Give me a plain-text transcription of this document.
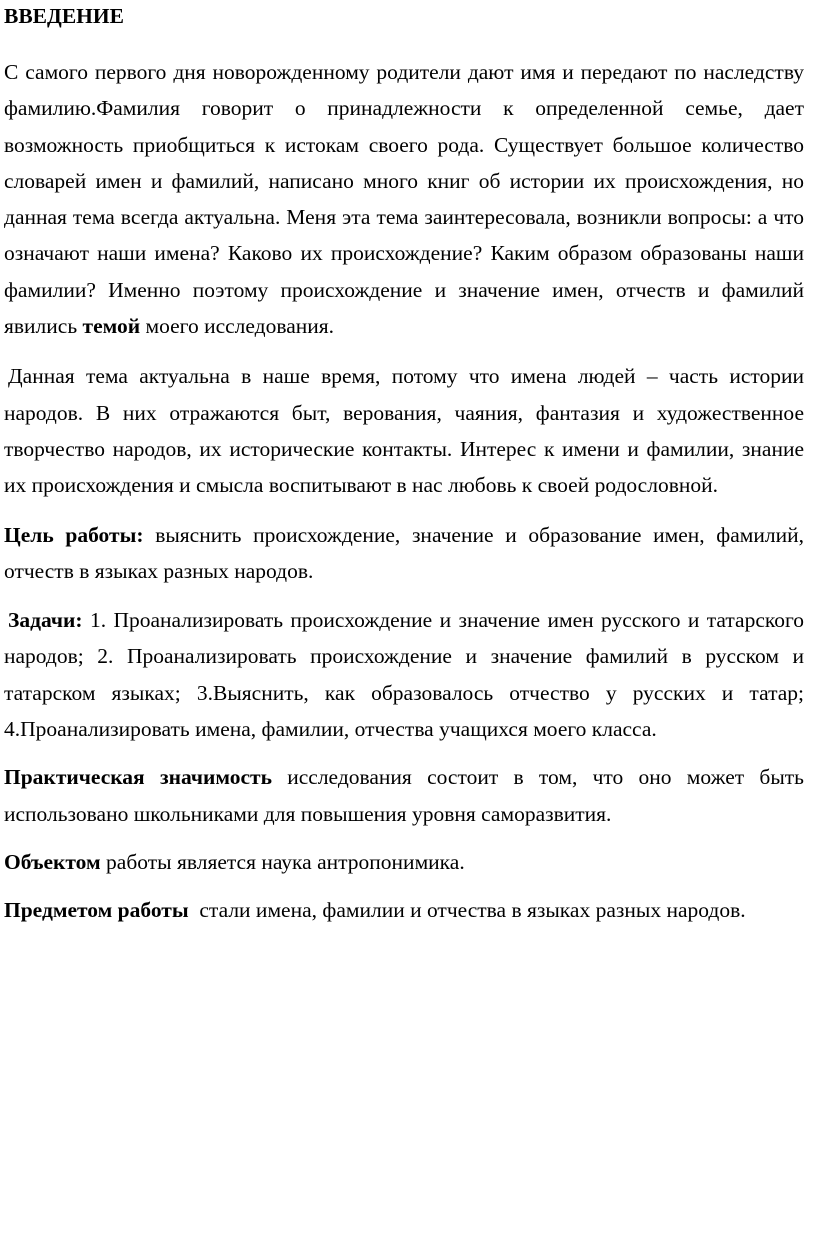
ВВЕДЕНИЕ

С самого первого дня новорожденному родители дают имя и передают по наследству фамилию.Фамилия говорит о принадлежности к определенной семье, дает возможность приобщиться к истокам своего рода. Существует большое количество словарей имен и фамилий, написано много книг об истории их происхождения, но данная тема всегда актуальна. Меня эта тема заинтересовала, возникли вопросы: а что означают наши имена? Каково их происхождение? Каким образом образованы наши фамилии? Именно поэтому происхождение и значение имен, отчеств и фамилий явились темой моего исследования.

Данная тема актуальна в наше время, потому что имена людей – часть истории народов. В них отражаются быт, верования, чаяния, фантазия и художественное творчество народов, их исторические контакты. Интерес к имени и фамилии, знание их происхождения и смысла воспитывают в нас любовь к своей родословной.

Цель работы: выяснить происхождение, значение и образование имен, фамилий, отчеств в языках разных народов.

Задачи: 1. Проанализировать происхождение и значение имен русского и татарского народов; 2. Проанализировать происхождение и значение фамилий в русском и татарском языках; 3.Выяснить, как образовалось отчество у русских и татар; 4.Проанализировать имена, фамилии, отчества учащихся моего класса.

Практическая значимость исследования состоит в том, что оно может быть использовано школьниками для повышения уровня саморазвития.

Объектом работы является наука антропонимика.

Предметом работы стали имена, фамилии и отчества в языках разных народов.
